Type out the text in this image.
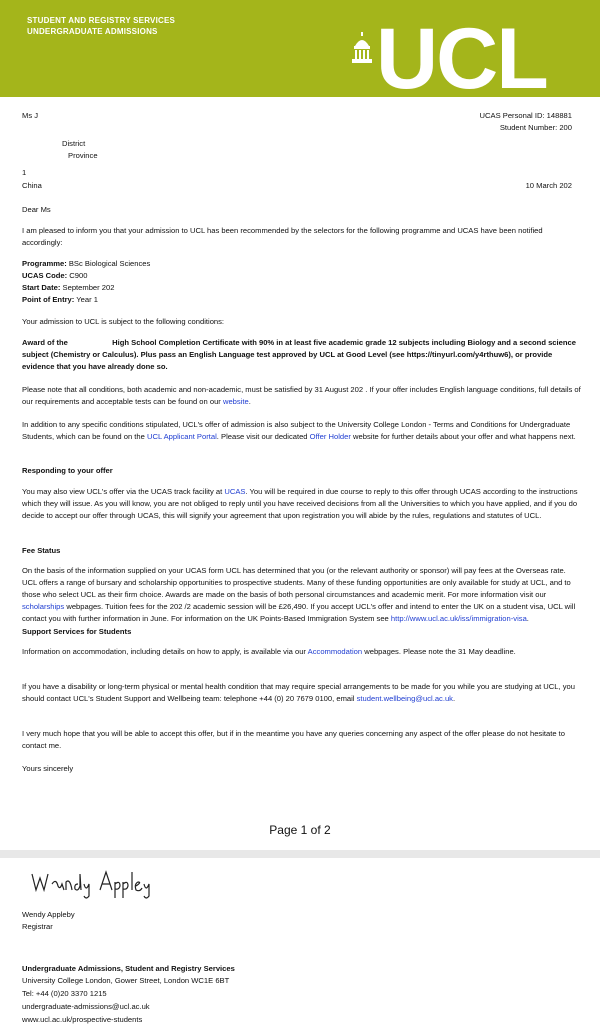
STUDENT AND REGISTRY SERVICES
UNDERGRADUATE ADMISSIONS	UCL
Ms J
District
Province
1
China
UCAS Personal ID: 148881
Student Number: 200
10 March 202
Dear Ms
I am pleased to inform you that your admission to UCL has been recommended by the selectors for the following programme and UCAS have been notified accordingly:
Programme: BSc Biological Sciences
UCAS Code: C900
Start Date: September 202
Point of Entry: Year 1
Your admission to UCL is subject to the following conditions:
Award of the	High School Completion Certificate with 90% in at least five academic grade 12 subjects including Biology and a second science subject (Chemistry or Calculus). Plus pass an English Language test approved by UCL at Good Level (see https://tinyurl.com/y4rthuw6), or provide evidence that you have already done so.
Please note that all conditions, both academic and non-academic, must be satisfied by 31 August 202 . If your offer includes English language conditions, full details of our requirements and acceptable tests can be found on our website.
In addition to any specific conditions stipulated, UCL's offer of admission is also subject to the University College London - Terms and Conditions for Undergraduate Students, which can be found on the UCL Applicant Portal. Please visit our dedicated Offer Holder website for further details about your offer and what happens next.
Responding to your offer
You may also view UCL's offer via the UCAS track facility at UCAS. You will be required in due course to reply to this offer through UCAS according to the instructions which they will issue. As you will know, you are not obliged to reply until you have received decisions from all the Universities to which you have applied, and if you do decide to accept our offer through UCAS, this will signify your agreement that upon registration you will abide by the rules, regulations and statutes of UCL.
Fee Status
On the basis of the information supplied on your UCAS form UCL has determined that you (or the relevant authority or sponsor) will pay fees at the Overseas rate. UCL offers a range of bursary and scholarship opportunities to prospective students. Many of these funding opportunities are only available for study at UCL, and to those who select UCL as their firm choice. Awards are made on the basis of both personal circumstances and academic merit. For more information visit our scholarships webpages. Tuition fees for the 202 /2 academic session will be £26,490. If you accept UCL's offer and intend to enter the UK on a student visa, UCL will contact you with further information in June. For information on the UK Points-Based Immigration System see http://www.ucl.ac.uk/iss/immigration-visa.
Support Services for Students
Information on accommodation, including details on how to apply, is available via our Accommodation webpages. Please note the 31 May deadline.
If you have a disability or long-term physical or mental health condition that may require special arrangements to be made for you while you are studying at UCL, you should contact UCL's Student Support and Wellbeing team: telephone +44 (0) 20 7679 0100, email student.wellbeing@ucl.ac.uk.
I very much hope that you will be able to accept this offer, but if in the meantime you have any queries concerning any aspect of the offer please do not hesitate to contact me.
Yours sincerely
Page 1 of 2
Wendy Appleby
Registrar
Undergraduate Admissions, Student and Registry Services
University College London, Gower Street, London WC1E 6BT
Tel: +44 (0)20 3370 1215
undergraduate-admissions@ucl.ac.uk
www.ucl.ac.uk/prospective-students
